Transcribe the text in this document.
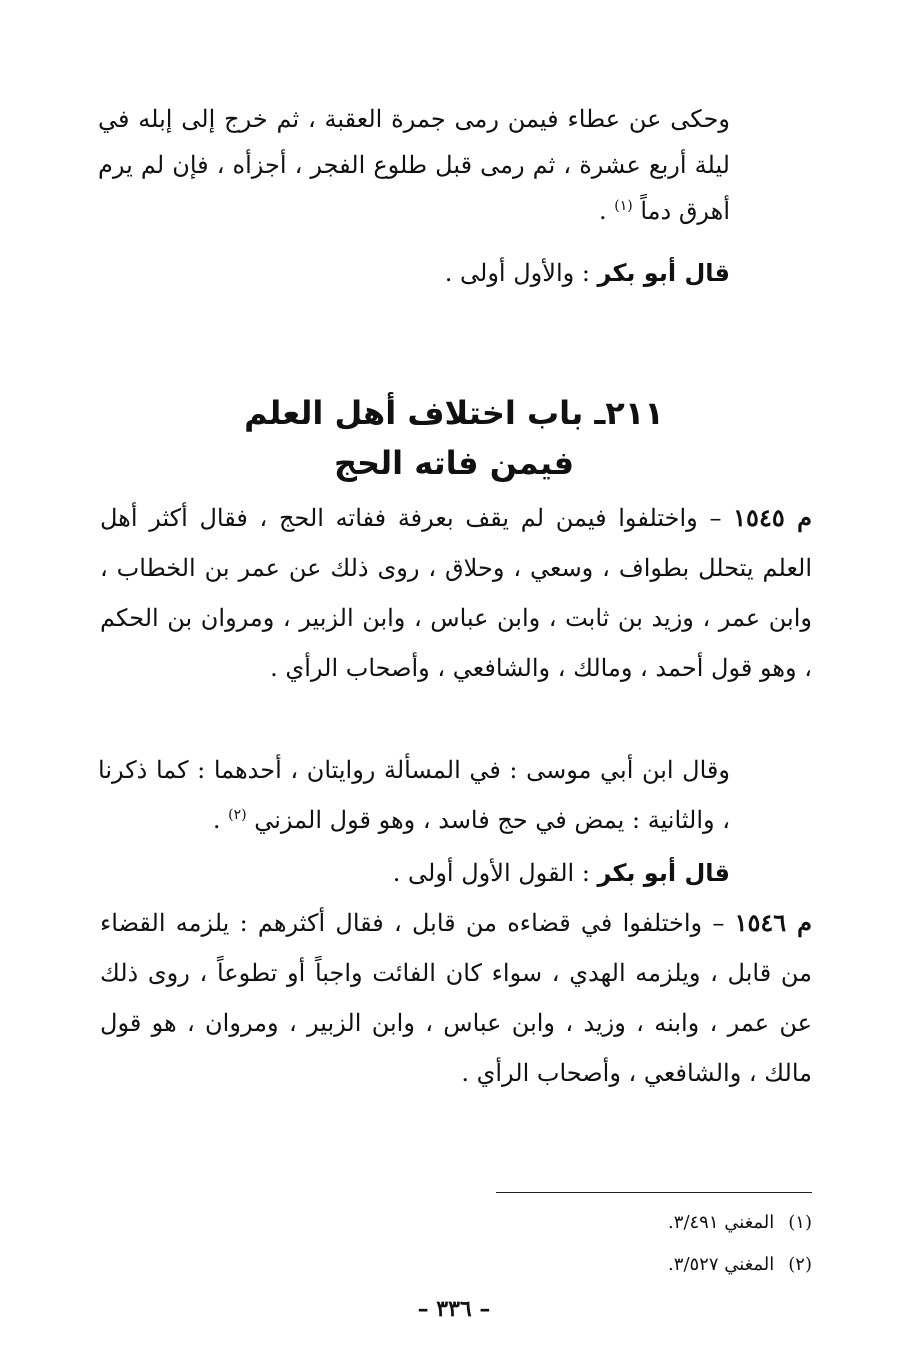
وحكى عن عطاء فيمن رمى جمرة العقبة ، ثم خرج إلى إبله في ليلة أربع عشرة ، ثم رمى قبل طلوع الفجر ، أجزأه ، فإن لم يرم أهرق دماً $^{(١)}$ .

قال أبو بكر : والأول أولى .

٢١١ـ باب اختلاف أهل العلم فيمن فاته الحج

م ١٥٤٥ – واختلفوا فيمن لم يقف بعرفة ففاته الحج ، فقال أكثر أهل العلم يتحلل بطواف ، وسعي ، وحلاق ، روى ذلك عن عمر بن الخطاب ، وابن عمر ، وزيد بن ثابت ، وابن عباس ، وابن الزبير ، ومروان بن الحكم ، وهو قول أحمد ، ومالك ، والشافعي ، وأصحاب الرأي .

وقال ابن أبي موسى : في المسألة روايتان ، أحدهما : كما ذكرنا ، والثانية : يمض في حج فاسد ، وهو قول المزني $^{(٢)}$ .

قال أبو بكر : القول الأول أولى .

م ١٥٤٦ – واختلفوا في قضاءه من قابل ، فقال أكثرهم : يلزمه القضاء من قابل ، ويلزمه الهدي ، سواء كان الفائت واجباً أو تطوعاً ، روى ذلك عن عمر ، وابنه ، وزيد ، وابن عباس ، وابن الزبير ، ومروان ، هو قول مالك ، والشافعي ، وأصحاب الرأي .

(١)المغني ٣/٤٩١.
(٢)المغني ٣/٥٢٧.
– ٣٣٦ –
